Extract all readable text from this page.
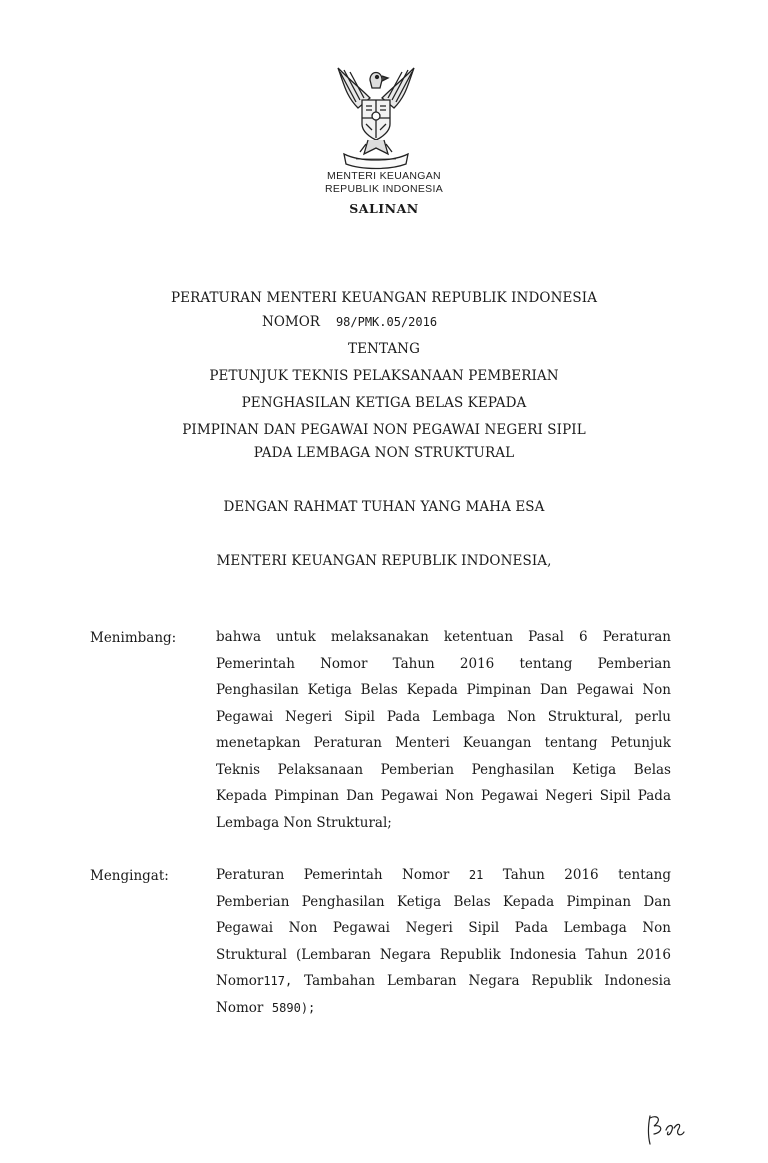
MENTERI KEUANGAN
REPUBLIK INDONESIA
SALINAN
PERATURAN MENTERI KEUANGAN REPUBLIK INDONESIA
NOMOR 98/PMK.05/2016
TENTANG
PETUNJUK TEKNIS PELAKSANAAN PEMBERIAN
PENGHASILAN KETIGA BELAS KEPADA
PIMPINAN DAN PEGAWAI NON PEGAWAI NEGERI SIPIL
PADA LEMBAGA NON STRUKTURAL
DENGAN RAHMAT TUHAN YANG MAHA ESA
MENTERI KEUANGAN REPUBLIK INDONESIA,
Menimbang:	bahwa untuk melaksanakan ketentuan Pasal 6 Peraturan
Pemerintah Nomor Tahun 2016 tentang Pemberian
Penghasilan Ketiga Belas Kepada Pimpinan Dan Pegawai Non
Pegawai Negeri Sipil Pada Lembaga Non Struktural, perlu
menetapkan Peraturan Menteri Keuangan tentang Petunjuk
Teknis Pelaksanaan Pemberian Penghasilan Ketiga Belas
Kepada Pimpinan Dan Pegawai Non Pegawai Negeri Sipil Pada
Lembaga Non Struktural;
Mengingat:	Peraturan Pemerintah Nomor 21 Tahun 2016 tentang
Pemberian Penghasilan Ketiga Belas Kepada Pimpinan Dan
Pegawai Non Pegawai Negeri Sipil Pada Lembaga Non
Struktural (Lembaran Negara Republik Indonesia Tahun 2016
Nomor117, Tambahan Lembaran Negara Republik Indonesia
Nomor 5890);
